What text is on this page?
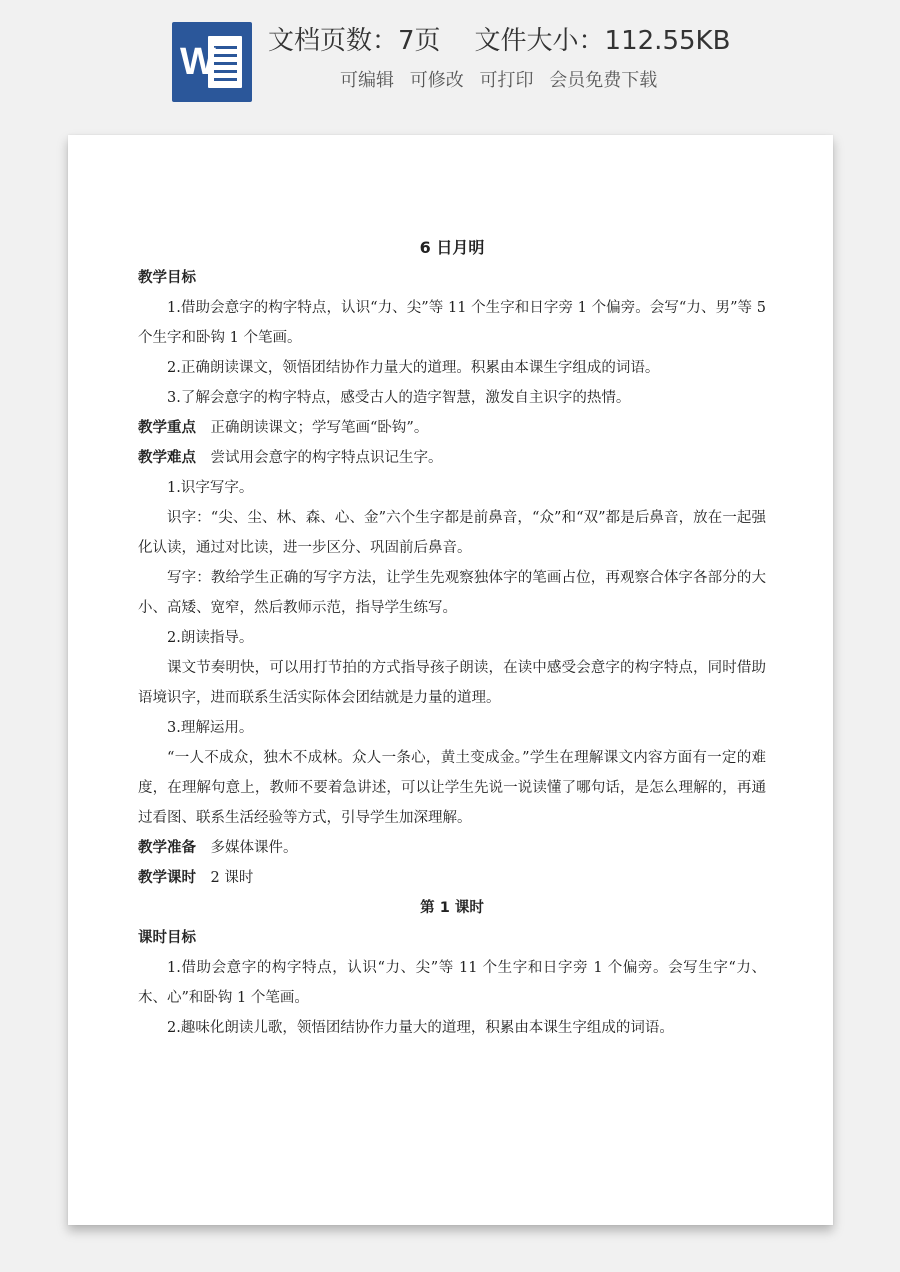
W	文档页数：7页 文件大小：112.55KB
可编辑 可修改 可打印 会员免费下载

6 日月明

教学目标

1.借助会意字的构字特点，认识“力、尖”等 11 个生字和日字旁 1 个偏旁。会写“力、男”等 5 个生字和卧钩 1 个笔画。

2.正确朗读课文，领悟团结协作力量大的道理。积累由本课生字组成的词语。

3.了解会意字的构字特点，感受古人的造字智慧，激发自主识字的热情。

教学重点 正确朗读课文；学写笔画“卧钩”。

教学难点 尝试用会意字的构字特点识记生字。

1.识字写字。

识字：“尖、尘、林、森、心、金”六个生字都是前鼻音，“众”和“双”都是后鼻音，放在一起强化认读，通过对比读，进一步区分、巩固前后鼻音。

写字：教给学生正确的写字方法，让学生先观察独体字的笔画占位，再观察合体字各部分的大小、高矮、宽窄，然后教师示范，指导学生练写。

2.朗读指导。

课文节奏明快，可以用打节拍的方式指导孩子朗读，在读中感受会意字的构字特点，同时借助语境识字，进而联系生活实际体会团结就是力量的道理。

3.理解运用。

“一人不成众，独木不成林。众人一条心，黄土变成金。”学生在理解课文内容方面有一定的难度，在理解句意上，教师不要着急讲述，可以让学生先说一说读懂了哪句话，是怎么理解的，再通过看图、联系生活经验等方式，引导学生加深理解。

教学准备 多媒体课件。

教学课时 2 课时

第 1 课时

课时目标

1.借助会意字的构字特点，认识“力、尖”等 11 个生字和日字旁 1 个偏旁。会写生字“力、木、心”和卧钩 1 个笔画。

2.趣味化朗读儿歌，领悟团结协作力量大的道理，积累由本课生字组成的词语。
